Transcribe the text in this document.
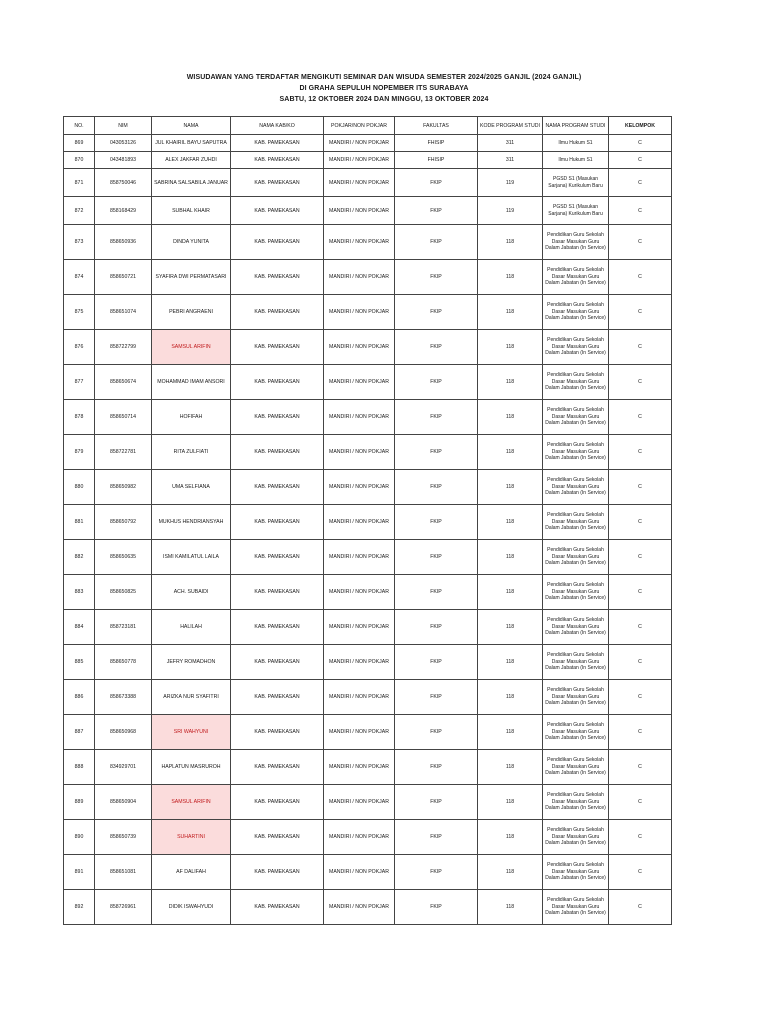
WISUDAWAN YANG TERDAFTAR MENGIKUTI SEMINAR DAN WISUDA SEMESTER 2024/2025 GANJIL (2024 GANJIL)
DI GRAHA SEPULUH NOPEMBER ITS SURABAYA
SABTU, 12 OKTOBER 2024 DAN MINGGU, 13 OKTOBER 2024
NO.	NIM	NAMA	NAMA KAB/KO	POKJAR/NON POKJAR	FAKULTAS	KODE PROGRAM STUDI	NAMA PROGRAM STUDI	KELOMPOK
869	043053126	JUL KHAIRIL BAYU SAPUTRA	KAB. PAMEKASAN	MANDIRI / NON POKJAR	FHISIP	311	Ilmu Hukum S1	C
870	043481893	ALEX JAKFAR ZUHDI	KAB. PAMEKASAN	MANDIRI / NON POKJAR	FHISIP	311	Ilmu Hukum S1	C
871	858750046	SABRINA SALSABILA JANUAR	KAB. PAMEKASAN	MANDIRI / NON POKJAR	FKIP	119	PGSD S1 (Masukan Sarjana) Kurikulum Baru	C
872	858168429	SUBHAL KHAIR	KAB. PAMEKASAN	MANDIRI / NON POKJAR	FKIP	119	PGSD S1 (Masukan Sarjana) Kurikulum Baru	C
873	858650936	DINDA YUNITA	KAB. PAMEKASAN	MANDIRI / NON POKJAR	FKIP	118	Pendidikan Guru Sekolah Dasar Masukan Guru Dalam Jabatan (In Service)	C
874	858650721	SYAFIRA DWI PERMATASARI	KAB. PAMEKASAN	MANDIRI / NON POKJAR	FKIP	118	Pendidikan Guru Sekolah Dasar Masukan Guru Dalam Jabatan (In Service)	C
875	858651074	PEBRI ANGRAENI	KAB. PAMEKASAN	MANDIRI / NON POKJAR	FKIP	118	Pendidikan Guru Sekolah Dasar Masukan Guru Dalam Jabatan (In Service)	C
876	858722799	SAMSUL ARIFIN	KAB. PAMEKASAN	MANDIRI / NON POKJAR	FKIP	118	Pendidikan Guru Sekolah Dasar Masukan Guru Dalam Jabatan (In Service)	C
877	858650674	MOHAMMAD IMAM ANSORI	KAB. PAMEKASAN	MANDIRI / NON POKJAR	FKIP	118	Pendidikan Guru Sekolah Dasar Masukan Guru Dalam Jabatan (In Service)	C
878	858650714	HOFIFAH	KAB. PAMEKASAN	MANDIRI / NON POKJAR	FKIP	118	Pendidikan Guru Sekolah Dasar Masukan Guru Dalam Jabatan (In Service)	C
879	858722781	RITA ZULFIATI	KAB. PAMEKASAN	MANDIRI / NON POKJAR	FKIP	118	Pendidikan Guru Sekolah Dasar Masukan Guru Dalam Jabatan (In Service)	C
880	858650982	UMA SELFIANA	KAB. PAMEKASAN	MANDIRI / NON POKJAR	FKIP	118	Pendidikan Guru Sekolah Dasar Masukan Guru Dalam Jabatan (In Service)	C
881	858650792	MUKHUS HENDRIANSYAH	KAB. PAMEKASAN	MANDIRI / NON POKJAR	FKIP	118	Pendidikan Guru Sekolah Dasar Masukan Guru Dalam Jabatan (In Service)	C
882	858650635	ISMI KAMILATUL LAILA	KAB. PAMEKASAN	MANDIRI / NON POKJAR	FKIP	118	Pendidikan Guru Sekolah Dasar Masukan Guru Dalam Jabatan (In Service)	C
883	858650825	ACH. SUBAIDI	KAB. PAMEKASAN	MANDIRI / NON POKJAR	FKIP	118	Pendidikan Guru Sekolah Dasar Masukan Guru Dalam Jabatan (In Service)	C
884	858723181	HALILAH	KAB. PAMEKASAN	MANDIRI / NON POKJAR	FKIP	118	Pendidikan Guru Sekolah Dasar Masukan Guru Dalam Jabatan (In Service)	C
885	858650778	JEFRY ROMADHON	KAB. PAMEKASAN	MANDIRI / NON POKJAR	FKIP	118	Pendidikan Guru Sekolah Dasar Masukan Guru Dalam Jabatan (In Service)	C
886	858673388	ARIZKA NUR SYAFITRI	KAB. PAMEKASAN	MANDIRI / NON POKJAR	FKIP	118	Pendidikan Guru Sekolah Dasar Masukan Guru Dalam Jabatan (In Service)	C
887	858650968	SRI WAHYUNI	KAB. PAMEKASAN	MANDIRI / NON POKJAR	FKIP	118	Pendidikan Guru Sekolah Dasar Masukan Guru Dalam Jabatan (In Service)	C
888	834929701	HAPLATUN MASRUROH	KAB. PAMEKASAN	MANDIRI / NON POKJAR	FKIP	118	Pendidikan Guru Sekolah Dasar Masukan Guru Dalam Jabatan (In Service)	C
889	858650904	SAMSUL ARIFIN	KAB. PAMEKASAN	MANDIRI / NON POKJAR	FKIP	118	Pendidikan Guru Sekolah Dasar Masukan Guru Dalam Jabatan (In Service)	C
890	858650739	SUHARTINI	KAB. PAMEKASAN	MANDIRI / NON POKJAR	FKIP	118	Pendidikan Guru Sekolah Dasar Masukan Guru Dalam Jabatan (In Service)	C
891	858651081	AF DALIFAH	KAB. PAMEKASAN	MANDIRI / NON POKJAR	FKIP	118	Pendidikan Guru Sekolah Dasar Masukan Guru Dalam Jabatan (In Service)	C
892	858726961	DIDIK ISWAHYUDI	KAB. PAMEKASAN	MANDIRI / NON POKJAR	FKIP	118	Pendidikan Guru Sekolah Dasar Masukan Guru Dalam Jabatan (In Service)	C
